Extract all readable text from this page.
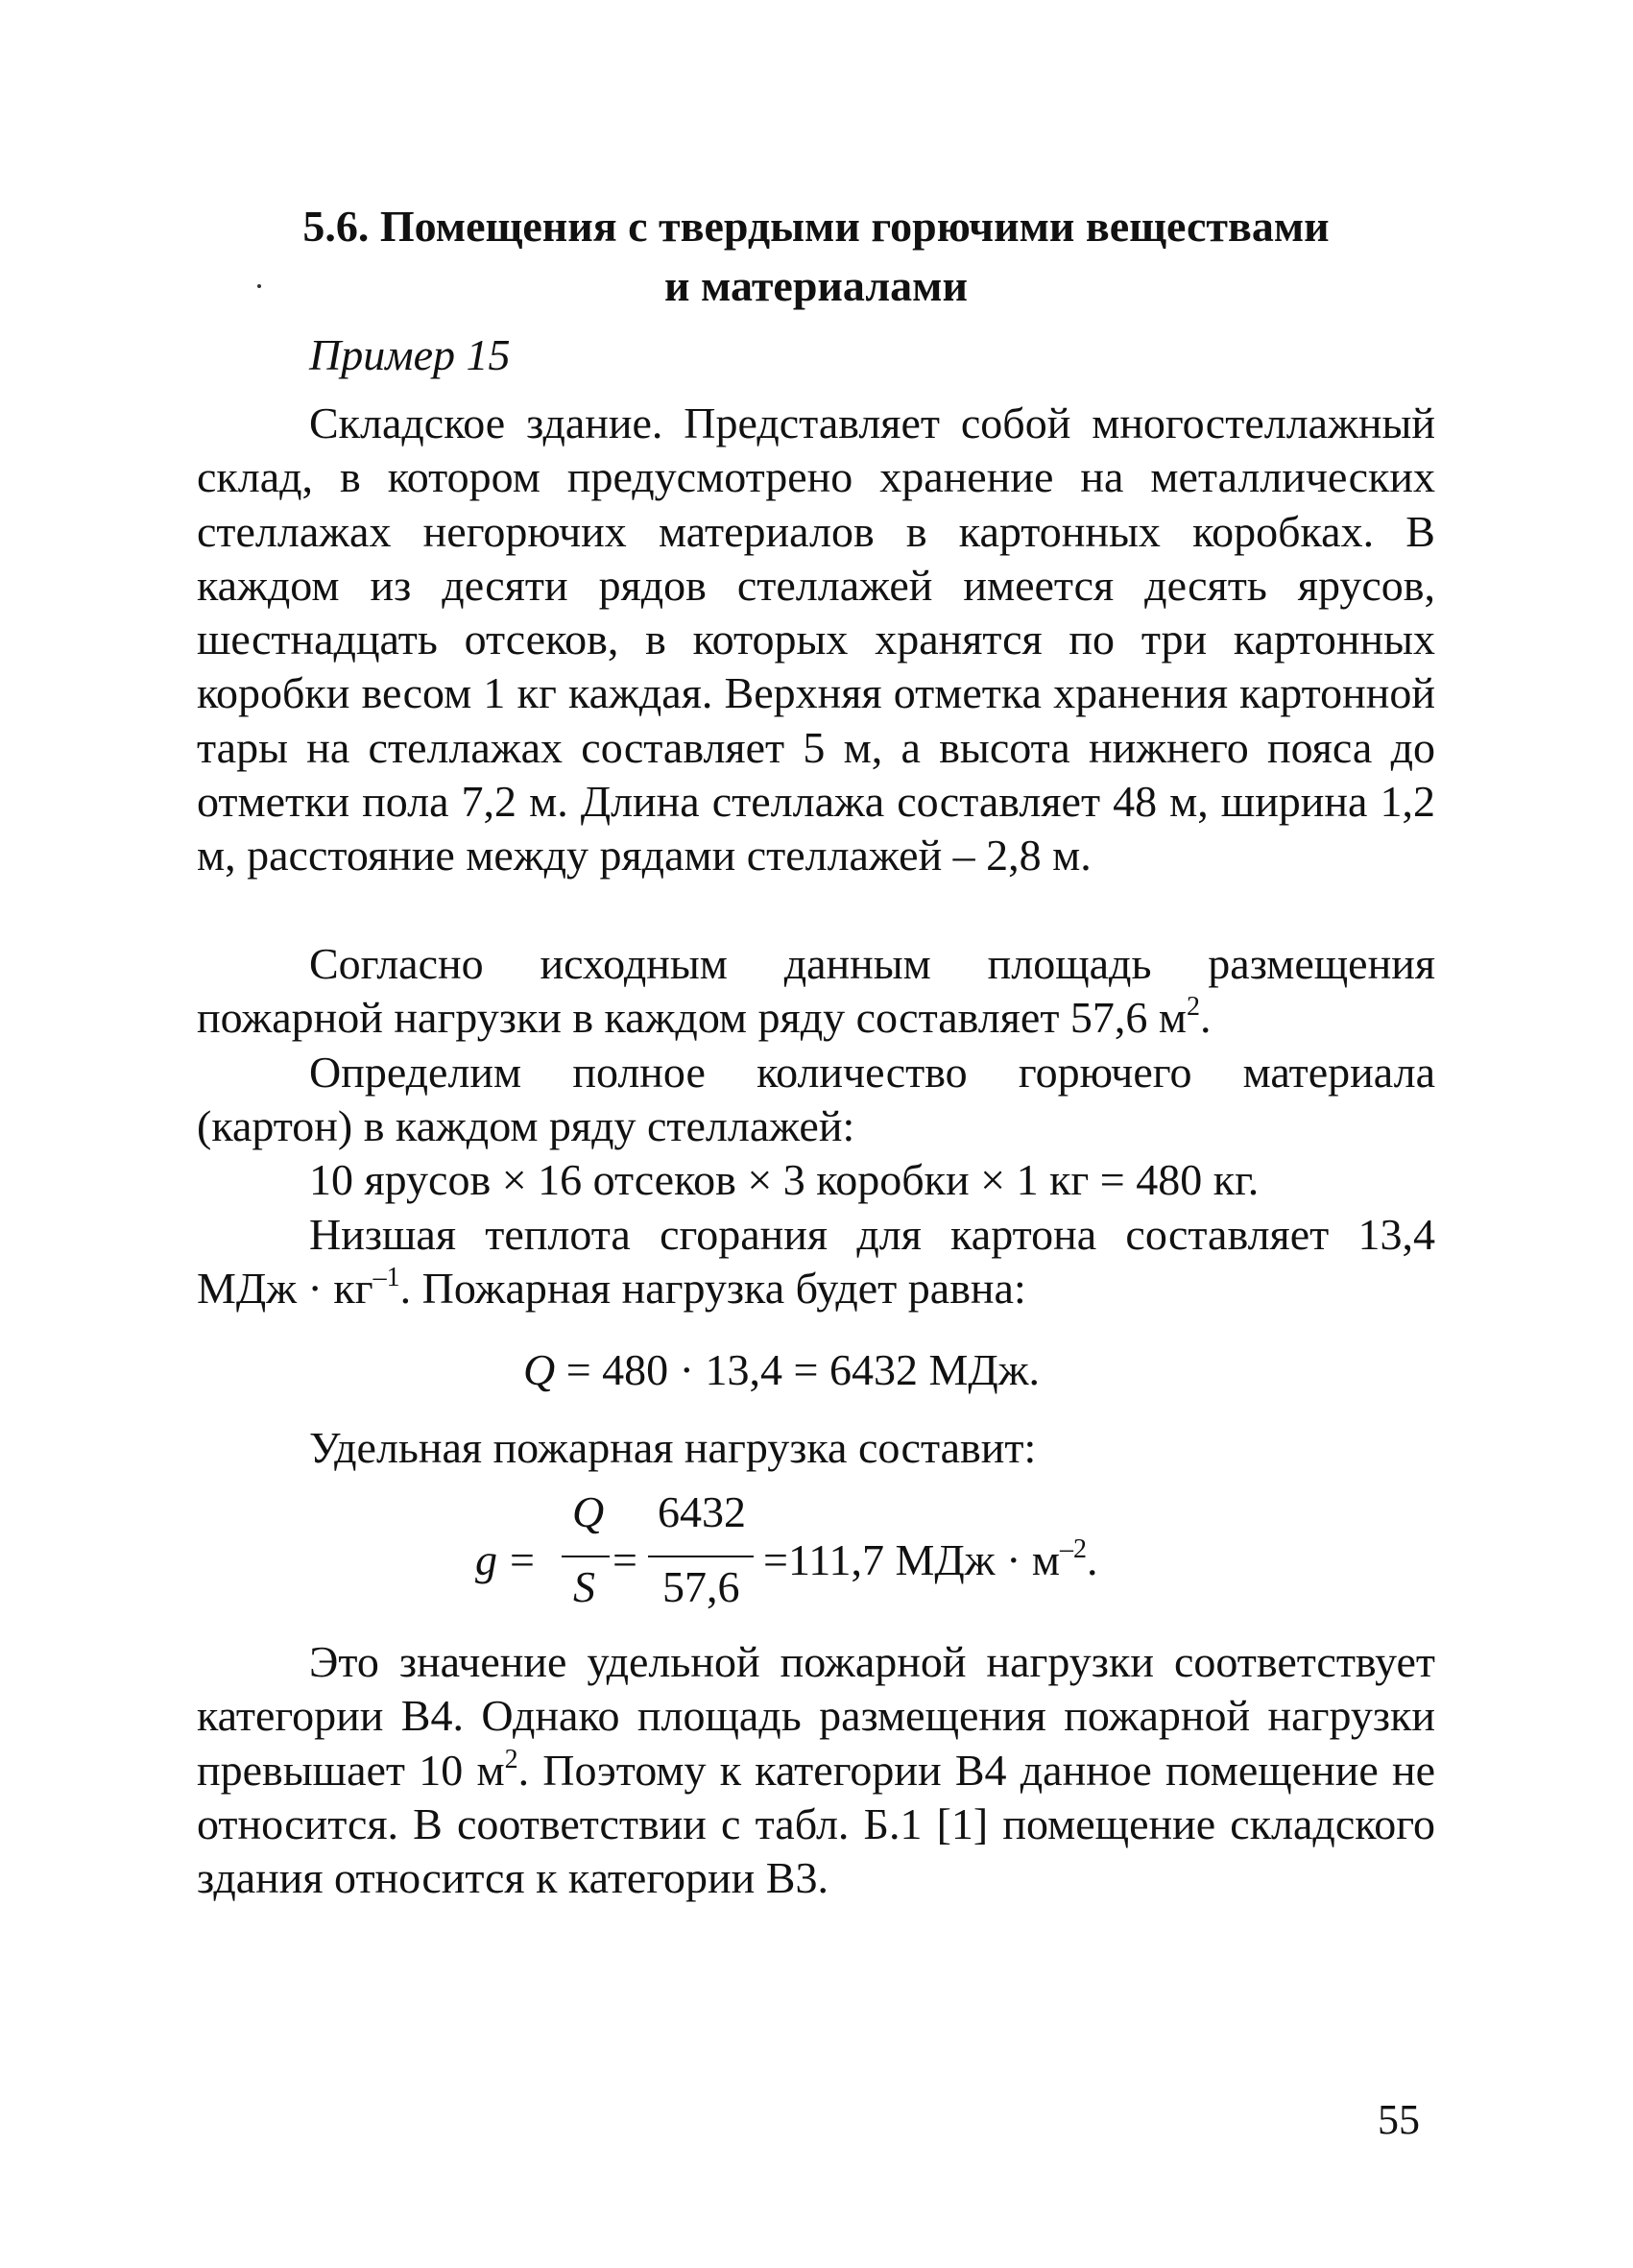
5.6. Помещения с твердыми горючими веществами
и материалами
Пример 15

Складское здание. Представляет собой многостеллажный склад, в котором предусмотрено хранение на металлических стеллажах негорючих материалов в картонных коробках. В каждом из десяти рядов стеллажей имеется десять ярусов, шестнадцать отсеков, в которых хранятся по три картонных коробки весом 1 кг каждая. Верхняя отметка хранения картонной тары на стеллажах составляет 5 м, а высота нижнего пояса до отметки пола 7,2 м. Длина стеллажа составляет 48 м, ширина 1,2 м, расстояние между рядами стеллажей – 2,8 м.

Согласно исходным данным площадь размещения пожарной нагрузки в каждом ряду составляет 57,6 $м^2$.

Определим полное количество горючего материала (картон) в каждом ряду стеллажей:

10 ярусов × 16 отсеков × 3 коробки × 1 кг = 480 кг.

Низшая теплота сгорания для картона составляет 13,4 МДж · $кг^{-1}$. Пожарная нагрузка будет равна:

Q = 480 · 13,4 = 6432 МДж.
Удельная пожарная нагрузка составит:
g =
Q
S
=
6432
57,6
=111,7 МДж · $м^{-2}$.

Это значение удельной пожарной нагрузки соответствует категории В4. Однако площадь размещения пожарной нагрузки превышает 10 $м^2$. Поэтому к категории В4 данное помещение не относится. В соответствии с табл. Б.1 [1] помещение складского здания относится к категории В3.

55
